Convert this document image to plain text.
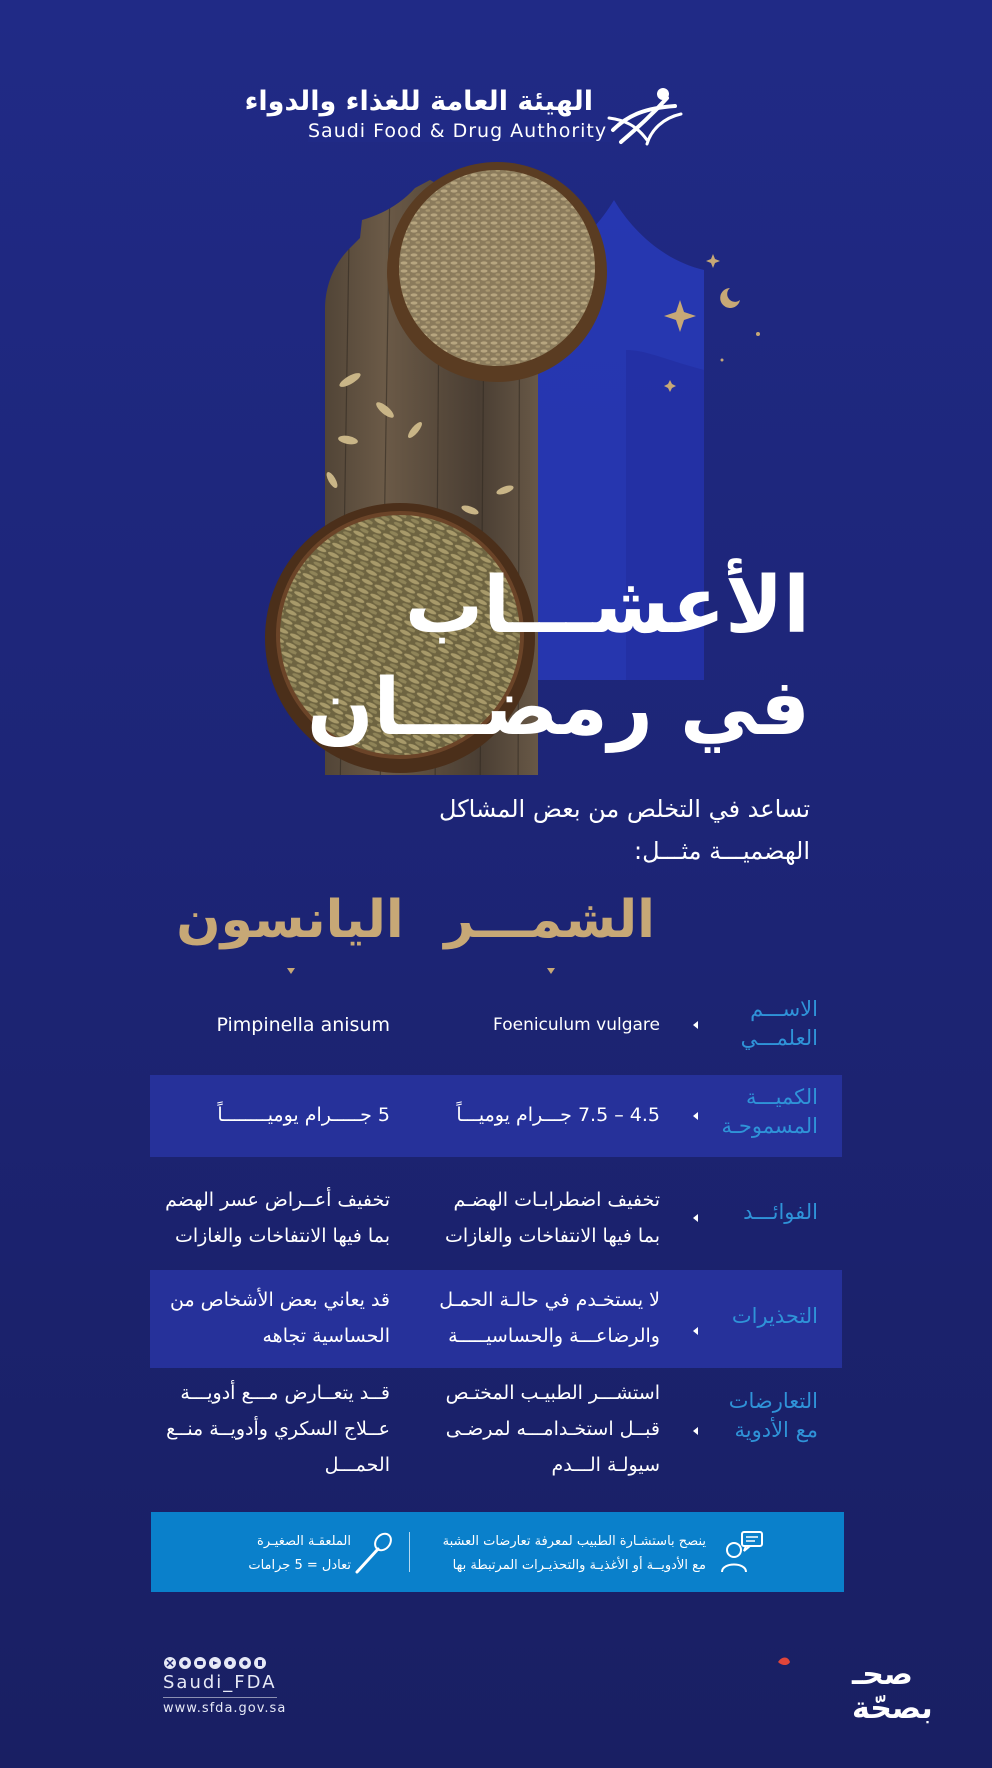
الهيئة العامة للغذاء والدواء
Saudi Food & Drug Authority
الأعشـــاب
في رمضـــان
تساعد في التخلص من بعض المشاكل
الهضميـــة مثـــل:
الشمـــر
اليانسون
الاســـم
العلمـــي
Foeniculum vulgare
Pimpinella anisum
الكميـــة
المسموحـة
4.5 – 7.5 جـــرام يوميـــاً
5 جـــــرام يوميــــــــاً
الفوائـــد
تخفيف اضطرابـات الهضـم
بما فيها الانتفاخات والغازات
تخفيف أعــراض عسر الهضم
بما فيها الانتفاخات والغازات
التحذيرات
لا يستخـدم في حالـة الحمـل
والرضاعـــة والحساسيـــــة
قد يعاني بعض الأشخاص من
الحساسية تجاهه
التعارضات
مع الأدوية
استشـــر الطبيـب المختـص
قبــل استخـدامـــه لمرضـى
سيولـة الـــدم
قــد يتعــارض مـــع أدويـــة
عــلاج السكري وأدويــة منــع
الحمـــل
ينصح باستشـارة الطبيب لمعرفة تعارضات العشبة
مع الأدويــة أو الأغذيـة والتحذيـرات المرتبطة بها
الملعقـة الصغيـرة
تعادل = 5 جرامات
Saudi_FDA
www.sfda.gov.sa
صحـ
بصحّة
